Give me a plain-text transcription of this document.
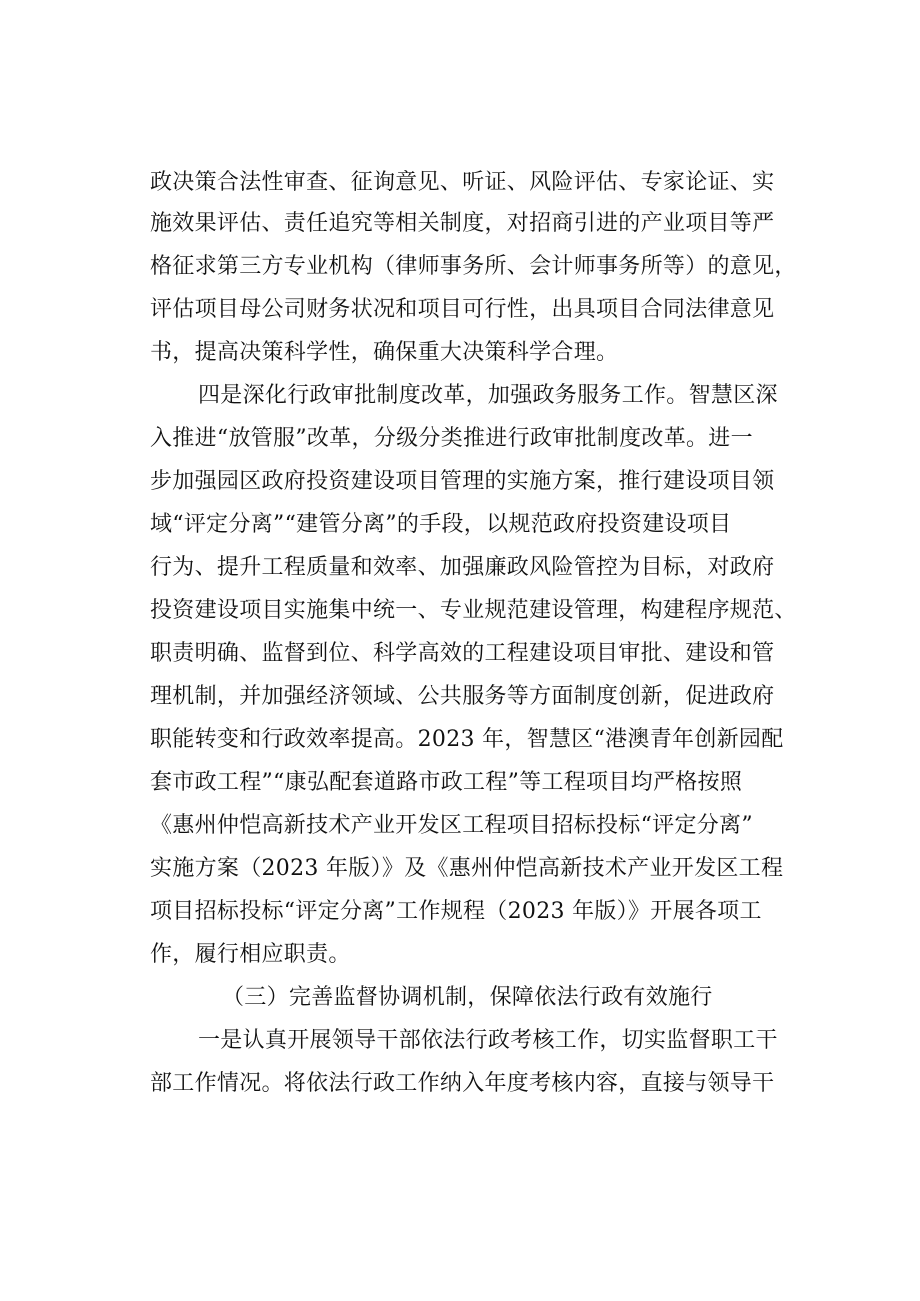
政决策合法性审查、征询意见、听证、风险评估、专家论证、实
施效果评估、责任追究等相关制度，对招商引进的产业项目等严
格征求第三方专业机构（律师事务所、会计师事务所等）的意见，
评估项目母公司财务状况和项目可行性，出具项目合同法律意见
书，提高决策科学性，确保重大决策科学合理。
四是深化行政审批制度改革，加强政务服务工作。智慧区深
入推进“放管服”改革，分级分类推进行政审批制度改革。进一
步加强园区政府投资建设项目管理的实施方案，推行建设项目领
域“评定分离”“建管分离”的手段，以规范政府投资建设项目
行为、提升工程质量和效率、加强廉政风险管控为目标，对政府
投资建设项目实施集中统一、专业规范建设管理，构建程序规范、
职责明确、监督到位、科学高效的工程建设项目审批、建设和管
理机制，并加强经济领域、公共服务等方面制度创新，促进政府
职能转变和行政效率提高。2023 年，智慧区“港澳青年创新园配
套市政工程”“康弘配套道路市政工程”等工程项目均严格按照
《惠州仲恺高新技术产业开发区工程项目招标投标“评定分离”
实施方案（2023 年版）》及《惠州仲恺高新技术产业开发区工程
项目招标投标“评定分离”工作规程（2023 年版）》开展各项工
作，履行相应职责。
（三）完善监督协调机制，保障依法行政有效施行
一是认真开展领导干部依法行政考核工作，切实监督职工干
部工作情况。将依法行政工作纳入年度考核内容，直接与领导干
